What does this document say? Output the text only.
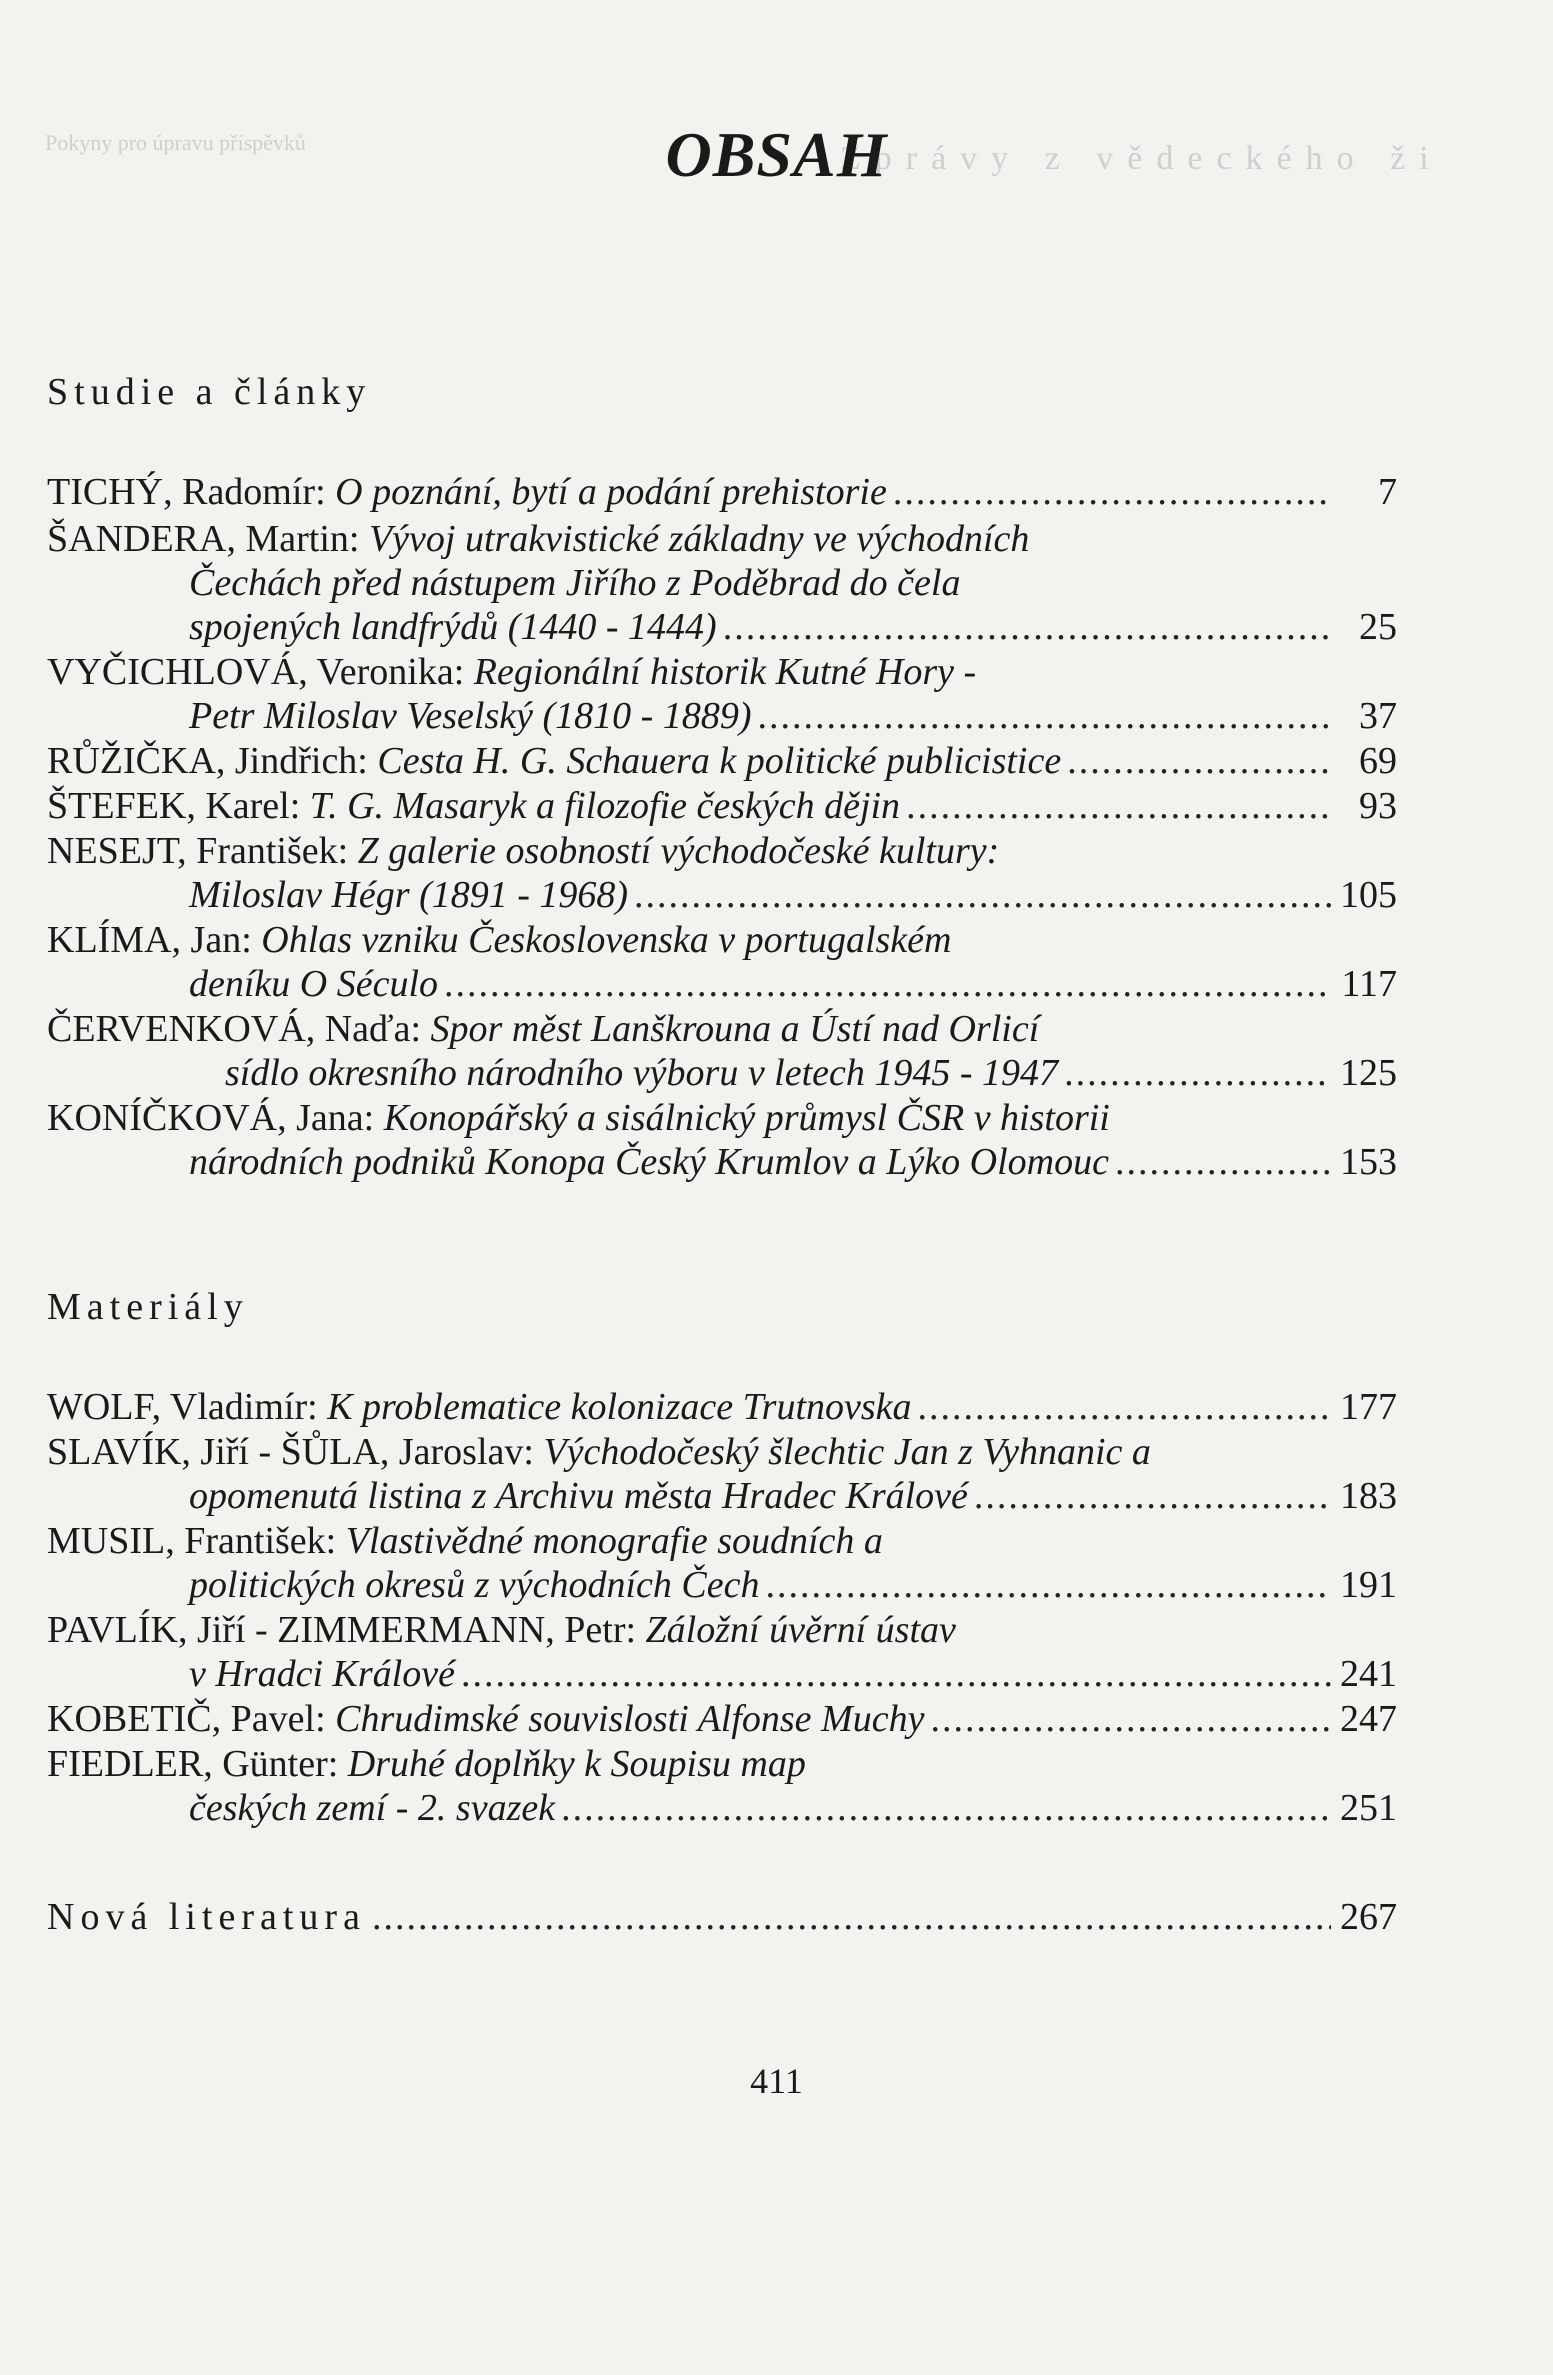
Pokyny pro úpravu příspěvků	Zprávy z vědeckého ži
OBSAH
Studie a články
TICHÝ, Radomír: O poznání, bytí a podání prehistorie .....	7
ŠANDERA, Martin: Vývoj utrakvistické základny ve východních
Čechách před nástupem Jiřího z Poděbrad do čela
spojených landfrýdů (1440 - 1444) .....	25
VYČICHLOVÁ, Veronika: Regionální historik Kutné Hory -
Petr Miloslav Veselský (1810 - 1889) .....	37
RŮŽIČKA, Jindřich: Cesta H. G. Schauera k politické publicistice .....	69
ŠTEFEK, Karel: T. G. Masaryk a filozofie českých dějin .....	93
NESEJT, František: Z galerie osobností východočeské kultury:
Miloslav Hégr (1891 - 1968) .....	105
KLÍMA, Jan: Ohlas vzniku Československa v portugalském
deníku O Século .....	117
ČERVENKOVÁ, Naďa: Spor měst Lanškrouna a Ústí nad Orlicí
sídlo okresního národního výboru v letech 1945 - 1947 .....	125
KONÍČKOVÁ, Jana: Konopářský a sisálnický průmysl ČSR v historii
národních podniků Konopa Český Krumlov a Lýko Olomouc .....	153
Materiály
WOLF, Vladimír: K problematice kolonizace Trutnovska .....	177
SLAVÍK, Jiří - ŠŮLA, Jaroslav: Východočeský šlechtic Jan z Vyhnanic a
opomenutá listina z Archivu města Hradec Králové .....	183
MUSIL, František: Vlastivědné monografie soudních a
politických okresů z východních Čech .....	191
PAVLÍK, Jiří - ZIMMERMANN, Petr: Záložní úvěrní ústav
v Hradci Králové .....	241
KOBETIČ, Pavel: Chrudimské souvislosti Alfonse Muchy .....	247
FIEDLER, Günter: Druhé doplňky k Soupisu map
českých zemí - 2. svazek .....	251
Nová literatura .....	267
411
